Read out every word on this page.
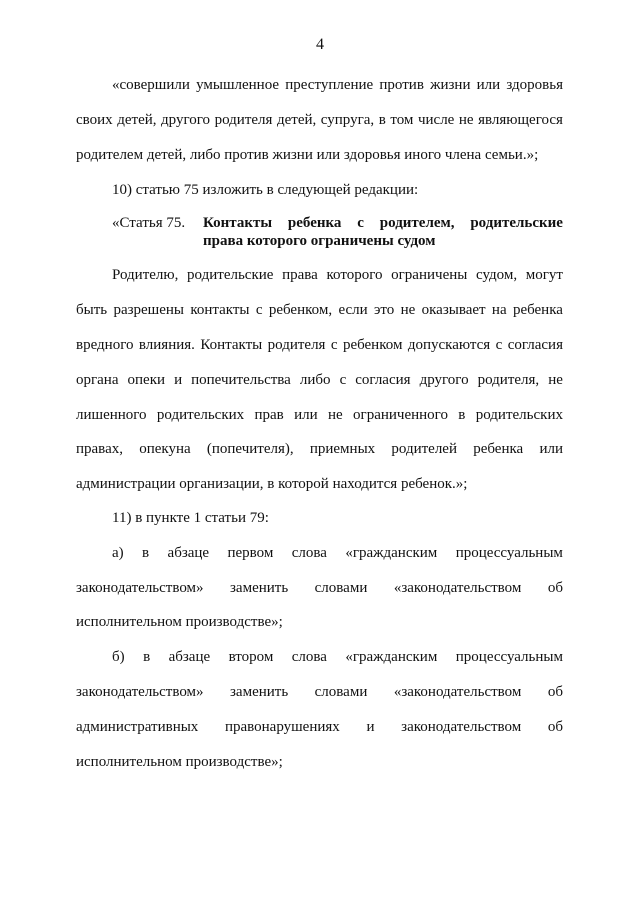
4
«совершили умышленное преступление против жизни или здоровья
своих детей, другого родителя детей, супруга, в том числе не являющегося
родителем детей, либо против жизни или здоровья иного члена семьи.»;
10) статью 75 изложить в следующей редакции:
«Статья 75. Контакты ребенка с родителем, родительские
права которого ограничены судом
Родителю, родительские права которого ограничены судом, могут
быть разрешены контакты с ребенком, если это не оказывает на ребенка
вредного влияния. Контакты родителя с ребенком допускаются с согласия
органа опеки и попечительства либо с согласия другого родителя, не
лишенного родительских прав или не ограниченного в родительских
правах, опекуна (попечителя), приемных родителей ребенка или
администрации организации, в которой находится ребенок.»;
11) в пункте 1 статьи 79:
а) в абзаце первом слова «гражданским процессуальным
законодательством» заменить словами «законодательством об
исполнительном производстве»;
б) в абзаце втором слова «гражданским процессуальным
законодательством» заменить словами «законодательством об
административных правонарушениях и законодательством об
исполнительном производстве»;
